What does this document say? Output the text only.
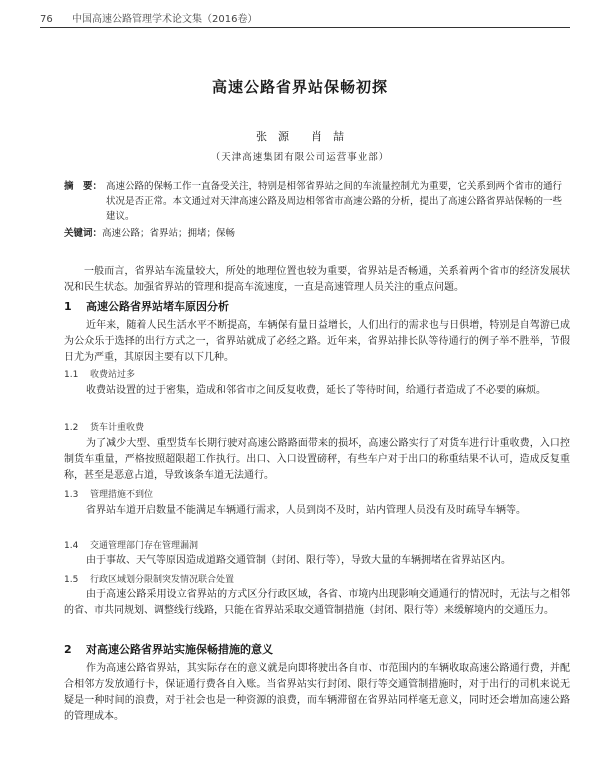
76 中国高速公路管理学术论文集（2016卷）
高速公路省界站保畅初探
张　源　　肖　喆
（天津高速集团有限公司运营事业部）
摘　要： 高速公路的保畅工作一直备受关注，特别是相邻省界站之间的车流量控制尤为重要，它关系到两个省市的通行状况是否正常。本文通过对天津高速公路及周边相邻省市高速公路的分析，提出了高速公路省界站保畅的一些建议。
关键词：高速公路；省界站；拥堵；保畅
一般而言，省界站车流量较大，所处的地理位置也较为重要，省界站是否畅通，关系着两个省市的经济发展状况和民生状态。加强省界站的管理和提高车流速度，一直是高速管理人员关注的重点问题。
1 高速公路省界站堵车原因分析
近年来，随着人民生活水平不断提高，车辆保有量日益增长，人们出行的需求也与日俱增，特别是自驾游已成为公众乐于选择的出行方式之一，省界站就成了必经之路。近年来，省界站排长队等待通行的例子举不胜举，节假日尤为严重，其原因主要有以下几种。
1.1 收费站过多
收费站设置的过于密集，造成和邻省市之间反复收费，延长了等待时间，给通行者造成了不必要的麻烦。
1.2 货车计重收费
为了减少大型、重型货车长期行驶对高速公路路面带来的损坏，高速公路实行了对货车进行计重收费，入口控制货车重量，严格按照超限超工作执行。出口、入口设置磅秤，有些车户对于出口的称重结果不认可，造成反复重称，甚至是恶意占道，导致该条车道无法通行。
1.3 管理措施不到位
省界站车道开启数量不能满足车辆通行需求，人员到岗不及时，站内管理人员没有及时疏导车辆等。
1.4 交通管理部门存在管理漏洞
由于事故、天气等原因造成道路交通管制（封闭、限行等），导致大量的车辆拥堵在省界站区内。
1.5 行政区域划分限制突发情况联合处置
由于高速公路采用设立省界站的方式区分行政区域，各省、市境内出现影响交通通行的情况时，无法与之相邻的省、市共同规划、调整线行线路，只能在省界站采取交通管制措施（封闭、限行等）来缓解境内的交通压力。
2 对高速公路省界站实施保畅措施的意义
作为高速公路省界站，其实际存在的意义就是向即将驶出各自市、市范围内的车辆收取高速公路通行费，并配合相邻方发放通行卡，保证通行费各自入账。当省界站实行封闭、限行等交通管制措施时，对于出行的司机来说无疑是一种时间的浪费，对于社会也是一种资源的浪费，而车辆滞留在省界站同样毫无意义，同时还会增加高速公路的管理成本。
